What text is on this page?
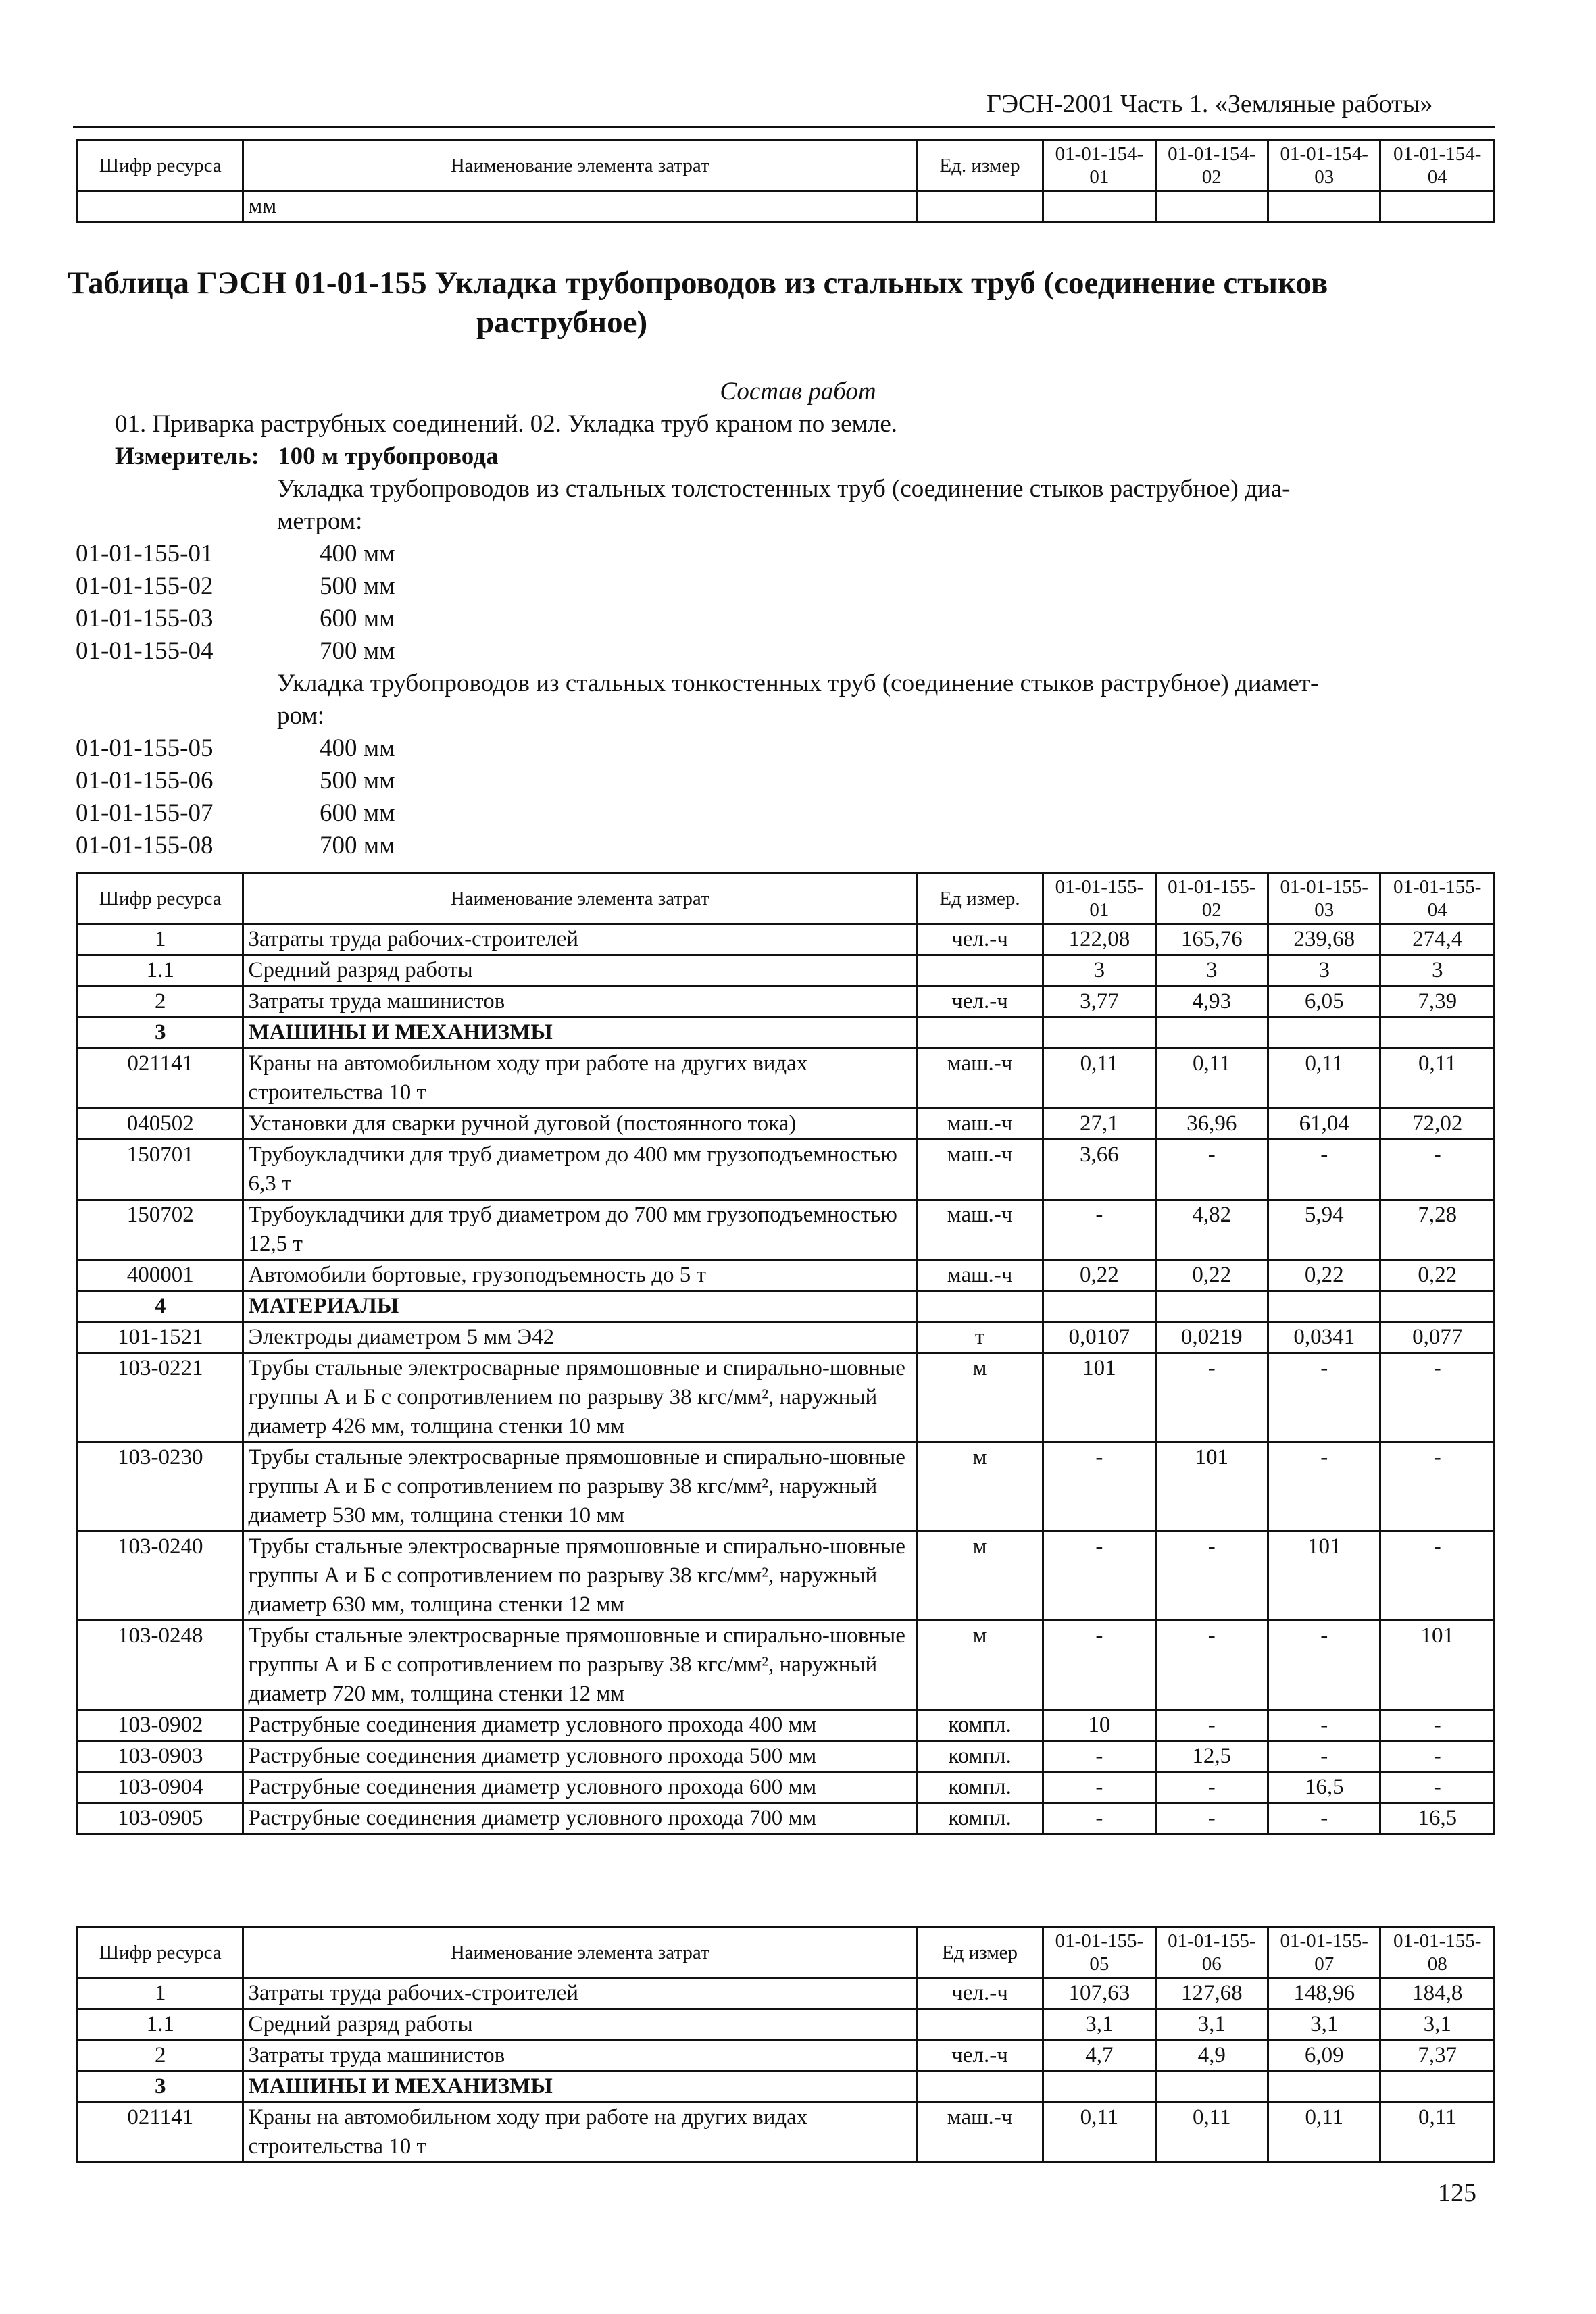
ГЭСН-2001 Часть 1. «Земляные работы»
Шифр ресурса	Наименование элемента затрат	Ед. измер	01-01-154-01	01-01-154-02	01-01-154-03	01-01-154-04
	мм					
Таблица ГЭСН 01-01-155 Укладка трубопроводов из стальных труб (соединение стыков
раструбное)
Состав работ
01. Приварка раструбных соединений. 02. Укладка труб краном по земле.
Измеритель: 100 м трубопровода
Укладка трубопроводов из стальных толстостенных труб (соединение стыков раструбное) диа-
метром:
01-01-155-01	400 мм
01-01-155-02	500 мм
01-01-155-03	600 мм
01-01-155-04	700 мм
Укладка трубопроводов из стальных тонкостенных труб (соединение стыков раструбное) диамет-
ром:
01-01-155-05	400 мм
01-01-155-06	500 мм
01-01-155-07	600 мм
01-01-155-08	700 мм
Шифр ресурса	Наименование элемента затрат	Ед измер.	01-01-155-01	01-01-155-02	01-01-155-03	01-01-155-04
1	Затраты труда рабочих-строителей	чел.-ч	122,08	165,76	239,68	274,4
1.1	Средний разряд работы		3	3	3	3
2	Затраты труда машинистов	чел.-ч	3,77	4,93	6,05	7,39
3	МАШИНЫ И МЕХАНИЗМЫ					
021141	Краны на автомобильном ходу при работе на других видах строительства 10 т	маш.-ч	0,11	0,11	0,11	0,11
040502	Установки для сварки ручной дуговой (постоянного тока)	маш.-ч	27,1	36,96	61,04	72,02
150701	Трубоукладчики для труб диаметром до 400 мм грузоподъемностью 6,3 т	маш.-ч	3,66	-	-	-
150702	Трубоукладчики для труб диаметром до 700 мм грузоподъемностью 12,5 т	маш.-ч	-	4,82	5,94	7,28
400001	Автомобили бортовые, грузоподъемность до 5 т	маш.-ч	0,22	0,22	0,22	0,22
4	МАТЕРИАЛЫ					
101-1521	Электроды диаметром 5 мм Э42	т	0,0107	0,0219	0,0341	0,077
103-0221	Трубы стальные электросварные прямошовные и спирально-шовные группы А и Б с сопротивлением по разрыву 38 кгс/мм², наружный диаметр 426 мм, толщина стенки 10 мм	м	101	-	-	-
103-0230	Трубы стальные электросварные прямошовные и спирально-шовные группы А и Б с сопротивлением по разрыву 38 кгс/мм², наружный диаметр 530 мм, толщина стенки 10 мм	м	-	101	-	-
103-0240	Трубы стальные электросварные прямошовные и спирально-шовные группы А и Б с сопротивлением по разрыву 38 кгс/мм², наружный диаметр 630 мм, толщина стенки 12 мм	м	-	-	101	-
103-0248	Трубы стальные электросварные прямошовные и спирально-шовные группы А и Б с сопротивлением по разрыву 38 кгс/мм², наружный диаметр 720 мм, толщина стенки 12 мм	м	-	-	-	101
103-0902	Раструбные соединения диаметр условного прохода 400 мм	компл.	10	-	-	-
103-0903	Раструбные соединения диаметр условного прохода 500 мм	компл.	-	12,5	-	-
103-0904	Раструбные соединения диаметр условного прохода 600 мм	компл.	-	-	16,5	-
103-0905	Раструбные соединения диаметр условного прохода 700 мм	компл.	-	-	-	16,5
Шифр ресурса	Наименование элемента затрат	Ед измер	01-01-155-05	01-01-155-06	01-01-155-07	01-01-155-08
1	Затраты труда рабочих-строителей	чел.-ч	107,63	127,68	148,96	184,8
1.1	Средний разряд работы		3,1	3,1	3,1	3,1
2	Затраты труда машинистов	чел.-ч	4,7	4,9	6,09	7,37
3	МАШИНЫ И МЕХАНИЗМЫ					
021141	Краны на автомобильном ходу при работе на других видах строительства 10 т	маш.-ч	0,11	0,11	0,11	0,11
125
